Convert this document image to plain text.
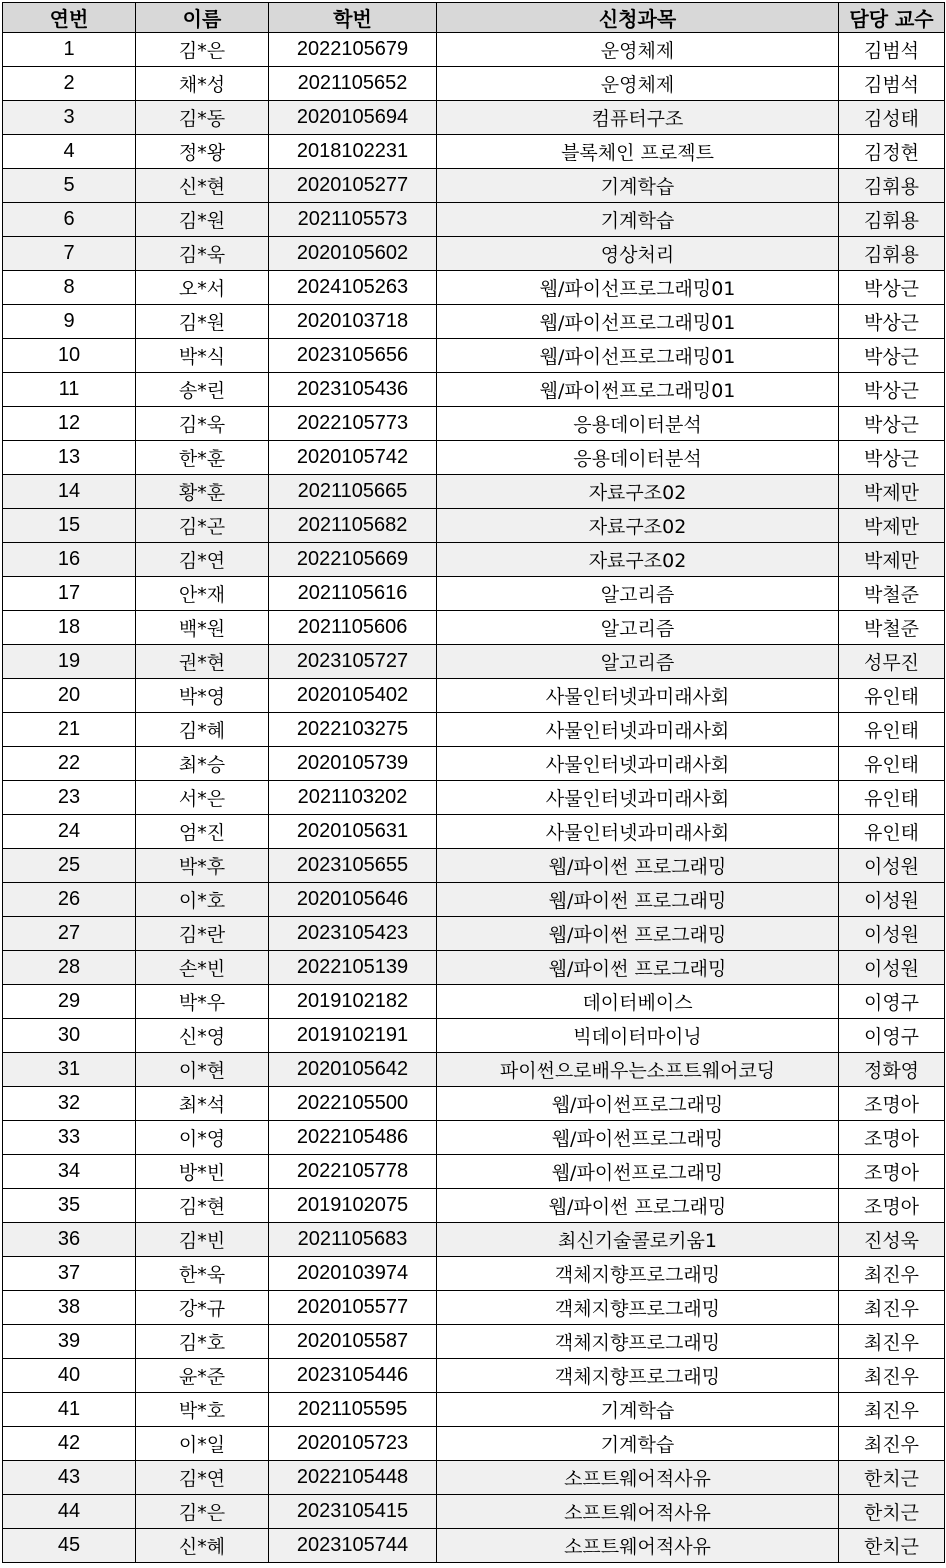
연번	이름	학번	신청과목	담당 교수
1	김*은	2022105679	운영체제	김범석
2	채*성	2021105652	운영체제	김범석
3	김*동	2020105694	컴퓨터구조	김성태
4	정*왕	2018102231	블록체인 프로젝트	김정현
5	신*현	2020105277	기계학습	김휘용
6	김*원	2021105573	기계학습	김휘용
7	김*욱	2020105602	영상처리	김휘용
8	오*서	2024105263	웹/파이선프로그래밍01	박상근
9	김*원	2020103718	웹/파이선프로그래밍01	박상근
10	박*식	2023105656	웹/파이선프로그래밍01	박상근
11	송*린	2023105436	웹/파이썬프로그래밍01	박상근
12	김*욱	2022105773	응용데이터분석	박상근
13	한*훈	2020105742	응용데이터분석	박상근
14	황*훈	2021105665	자료구조02	박제만
15	김*곤	2021105682	자료구조02	박제만
16	김*연	2022105669	자료구조02	박제만
17	안*재	2021105616	알고리즘	박철준
18	백*원	2021105606	알고리즘	박철준
19	권*현	2023105727	알고리즘	성무진
20	박*영	2020105402	사물인터넷과미래사회	유인태
21	김*혜	2022103275	사물인터넷과미래사회	유인태
22	최*승	2020105739	사물인터넷과미래사회	유인태
23	서*은	2021103202	사물인터넷과미래사회	유인태
24	엄*진	2020105631	사물인터넷과미래사회	유인태
25	박*후	2023105655	웹/파이썬 프로그래밍	이성원
26	이*호	2020105646	웹/파이썬 프로그래밍	이성원
27	김*란	2023105423	웹/파이썬 프로그래밍	이성원
28	손*빈	2022105139	웹/파이썬 프로그래밍	이성원
29	박*우	2019102182	데이터베이스	이영구
30	신*영	2019102191	빅데이터마이닝	이영구
31	이*현	2020105642	파이썬으로배우는소프트웨어코딩	정화영
32	최*석	2022105500	웹/파이썬프로그래밍	조명아
33	이*영	2022105486	웹/파이썬프로그래밍	조명아
34	방*빈	2022105778	웹/파이썬프로그래밍	조명아
35	김*현	2019102075	웹/파이썬 프로그래밍	조명아
36	김*빈	2021105683	최신기술콜로키움1	진성욱
37	한*욱	2020103974	객체지향프로그래밍	최진우
38	강*규	2020105577	객체지향프로그래밍	최진우
39	김*호	2020105587	객체지향프로그래밍	최진우
40	윤*준	2023105446	객체지향프로그래밍	최진우
41	박*호	2021105595	기계학습	최진우
42	이*일	2020105723	기계학습	최진우
43	김*연	2022105448	소프트웨어적사유	한치근
44	김*은	2023105415	소프트웨어적사유	한치근
45	신*혜	2023105744	소프트웨어적사유	한치근
